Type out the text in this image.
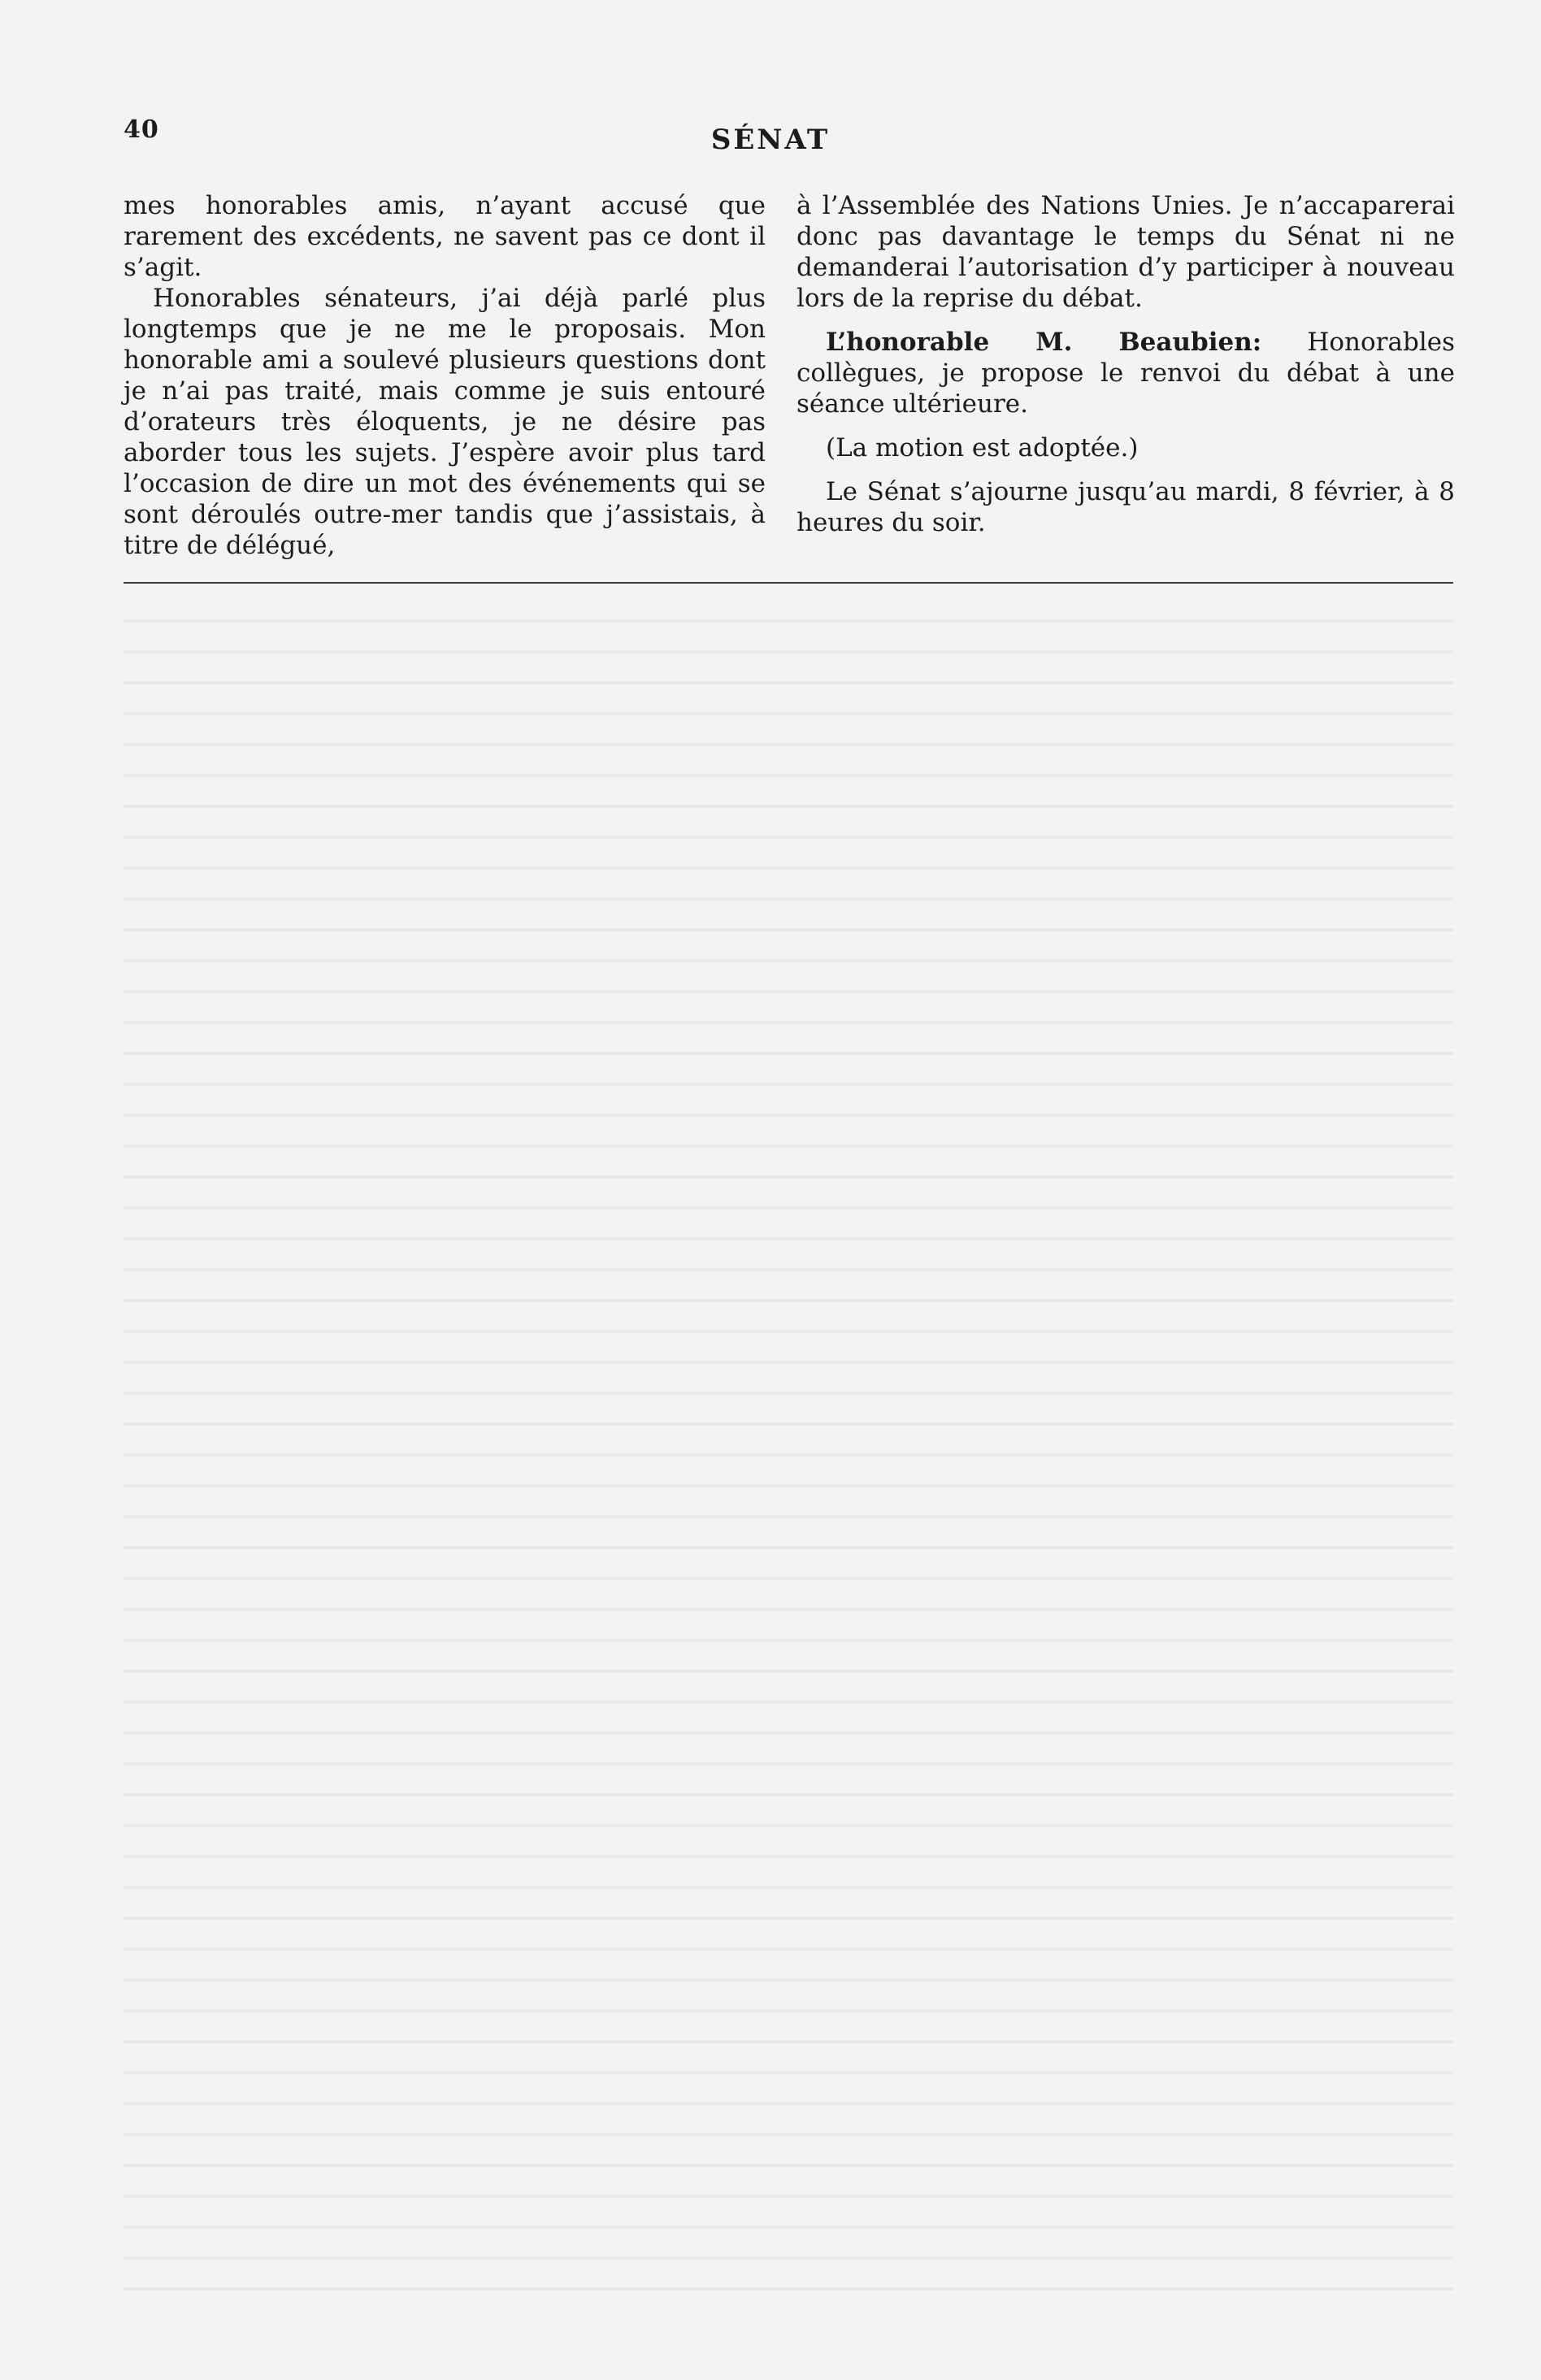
40	SÉNAT

mes honorables amis, n’ayant accusé que rarement des excédents, ne savent pas ce dont il s’agit.

Honorables sénateurs, j’ai déjà parlé plus longtemps que je ne me le proposais. Mon honorable ami a soulevé plusieurs questions dont je n’ai pas traité, mais comme je suis entouré d’orateurs très éloquents, je ne désire pas aborder tous les sujets. J’espère avoir plus tard l’occasion de dire un mot des événements qui se sont déroulés outre-mer tandis que j’assistais, à titre de délégué,

à l’Assemblée des Nations Unies. Je n’accaparerai donc pas davantage le temps du Sénat ni ne demanderai l’autorisation d’y participer à nouveau lors de la reprise du débat.

L’honorable M. Beaubien: Honorables collègues, je propose le renvoi du débat à une séance ultérieure.

(La motion est adoptée.)

Le Sénat s’ajourne jusqu’au mardi, 8 février, à 8 heures du soir.
